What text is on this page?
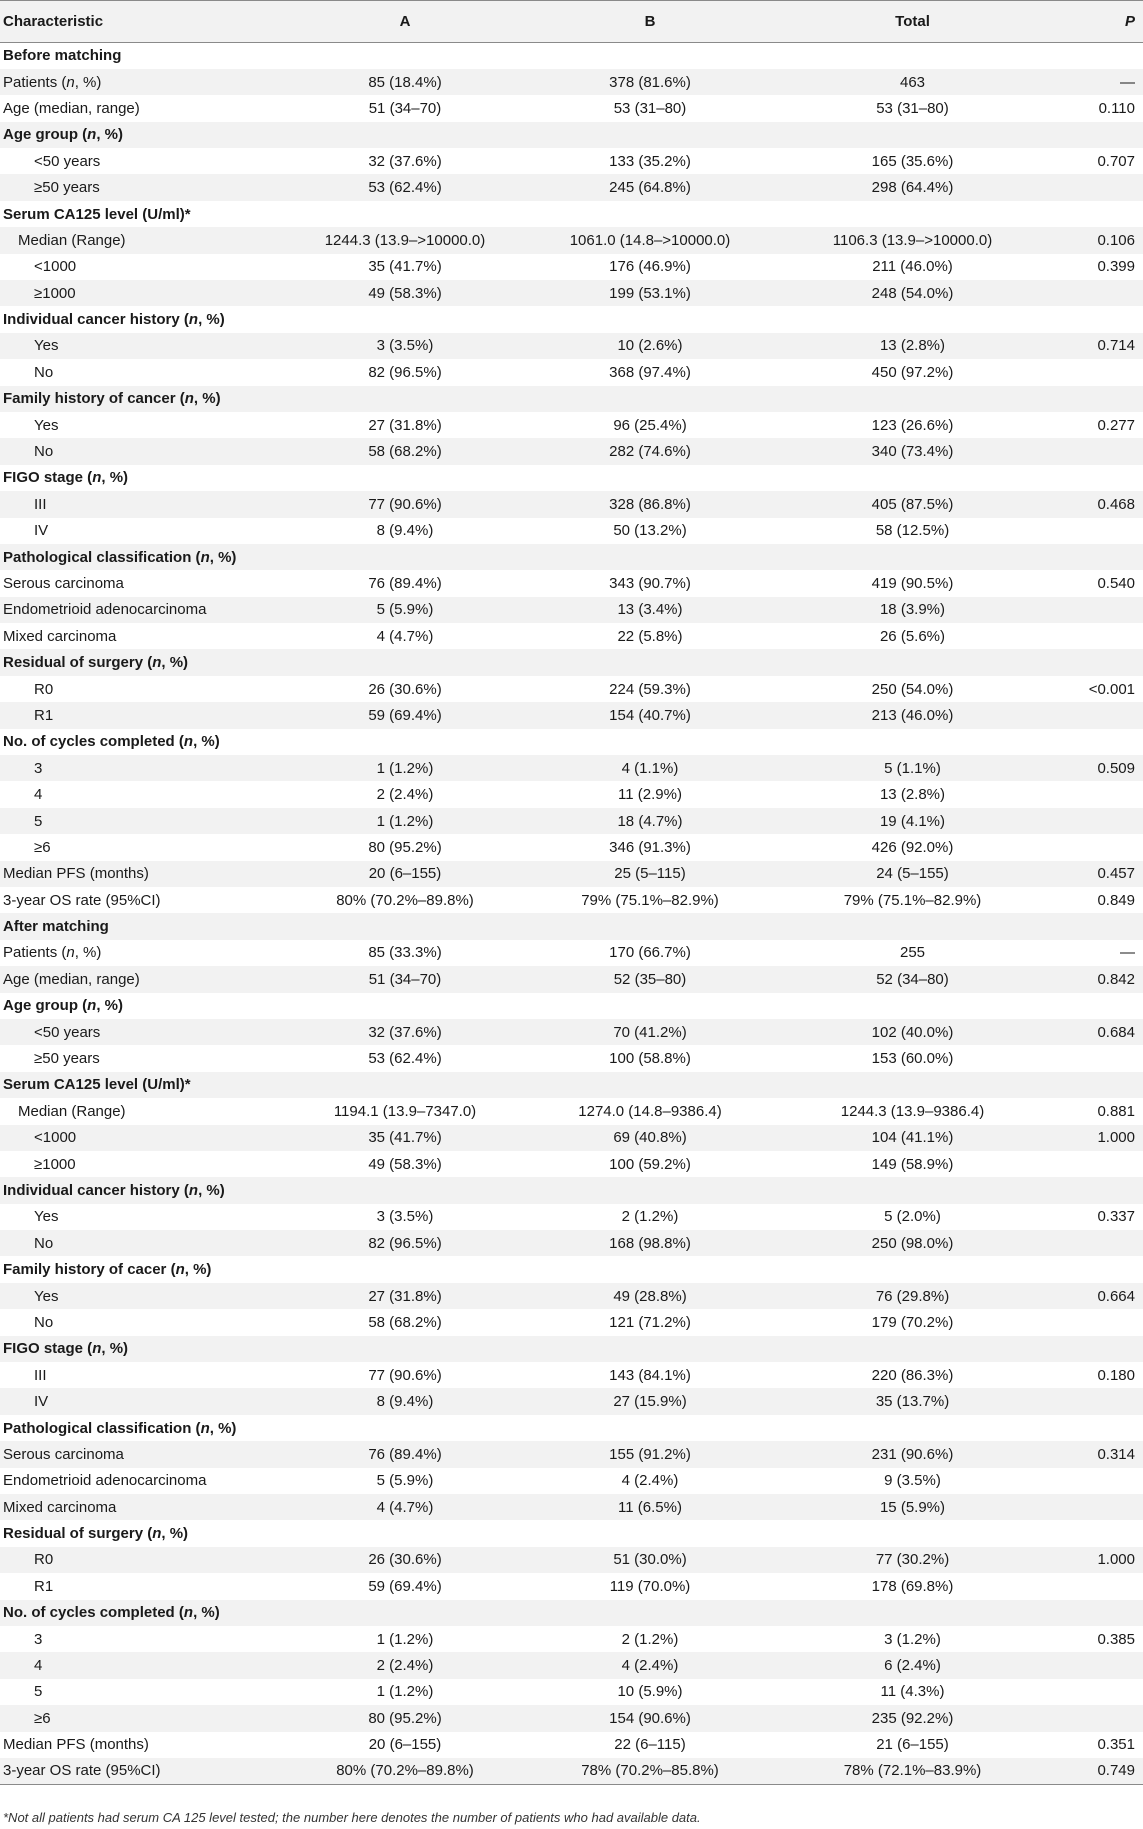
Characteristic	A	B	Total	P
Before matching				
Patients (n, %)	85 (18.4%)	378 (81.6%)	463	—
Age (median, range)	51 (34–70)	53 (31–80)	53 (31–80)	0.110
Age group (n, %)				
<50 years	32 (37.6%)	133 (35.2%)	165 (35.6%)	0.707
≥50 years	53 (62.4%)	245 (64.8%)	298 (64.4%)	
Serum CA125 level (U/ml)*				
Median (Range)	1244.3 (13.9–>10000.0)	1061.0 (14.8–>10000.0)	1106.3 (13.9–>10000.0)	0.106
<1000	35 (41.7%)	176 (46.9%)	211 (46.0%)	0.399
≥1000	49 (58.3%)	199 (53.1%)	248 (54.0%)	
Individual cancer history (n, %)				
Yes	3 (3.5%)	10 (2.6%)	13 (2.8%)	0.714
No	82 (96.5%)	368 (97.4%)	450 (97.2%)	
Family history of cancer (n, %)				
Yes	27 (31.8%)	96 (25.4%)	123 (26.6%)	0.277
No	58 (68.2%)	282 (74.6%)	340 (73.4%)	
FIGO stage (n, %)				
III	77 (90.6%)	328 (86.8%)	405 (87.5%)	0.468
IV	8 (9.4%)	50 (13.2%)	58 (12.5%)	
Pathological classification (n, %)				
Serous carcinoma	76 (89.4%)	343 (90.7%)	419 (90.5%)	0.540
Endometrioid adenocarcinoma	5 (5.9%)	13 (3.4%)	18 (3.9%)	
Mixed carcinoma	4 (4.7%)	22 (5.8%)	26 (5.6%)	
Residual of surgery (n, %)				
R0	26 (30.6%)	224 (59.3%)	250 (54.0%)	<0.001
R1	59 (69.4%)	154 (40.7%)	213 (46.0%)	
No. of cycles completed (n, %)				
3	1 (1.2%)	4 (1.1%)	5 (1.1%)	0.509
4	2 (2.4%)	11 (2.9%)	13 (2.8%)	
5	1 (1.2%)	18 (4.7%)	19 (4.1%)	
≥6	80 (95.2%)	346 (91.3%)	426 (92.0%)	
Median PFS (months)	20 (6–155)	25 (5–115)	24 (5–155)	0.457
3-year OS rate (95%CI)	80% (70.2%–89.8%)	79% (75.1%–82.9%)	79% (75.1%–82.9%)	0.849
After matching				
Patients (n, %)	85 (33.3%)	170 (66.7%)	255	—
Age (median, range)	51 (34–70)	52 (35–80)	52 (34–80)	0.842
Age group (n, %)				
<50 years	32 (37.6%)	70 (41.2%)	102 (40.0%)	0.684
≥50 years	53 (62.4%)	100 (58.8%)	153 (60.0%)	
Serum CA125 level (U/ml)*				
Median (Range)	1194.1 (13.9–7347.0)	1274.0 (14.8–9386.4)	1244.3 (13.9–9386.4)	0.881
<1000	35 (41.7%)	69 (40.8%)	104 (41.1%)	1.000
≥1000	49 (58.3%)	100 (59.2%)	149 (58.9%)	
Individual cancer history (n, %)				
Yes	3 (3.5%)	2 (1.2%)	5 (2.0%)	0.337
No	82 (96.5%)	168 (98.8%)	250 (98.0%)	
Family history of cacer (n, %)				
Yes	27 (31.8%)	49 (28.8%)	76 (29.8%)	0.664
No	58 (68.2%)	121 (71.2%)	179 (70.2%)	
FIGO stage (n, %)				
III	77 (90.6%)	143 (84.1%)	220 (86.3%)	0.180
IV	8 (9.4%)	27 (15.9%)	35 (13.7%)	
Pathological classification (n, %)				
Serous carcinoma	76 (89.4%)	155 (91.2%)	231 (90.6%)	0.314
Endometrioid adenocarcinoma	5 (5.9%)	4 (2.4%)	9 (3.5%)	
Mixed carcinoma	4 (4.7%)	11 (6.5%)	15 (5.9%)	
Residual of surgery (n, %)				
R0	26 (30.6%)	51 (30.0%)	77 (30.2%)	1.000
R1	59 (69.4%)	119 (70.0%)	178 (69.8%)	
No. of cycles completed (n, %)				
3	1 (1.2%)	2 (1.2%)	3 (1.2%)	0.385
4	2 (2.4%)	4 (2.4%)	6 (2.4%)	
5	1 (1.2%)	10 (5.9%)	11 (4.3%)	
≥6	80 (95.2%)	154 (90.6%)	235 (92.2%)	
Median PFS (months)	20 (6–155)	22 (6–115)	21 (6–155)	0.351
3-year OS rate (95%CI)	80% (70.2%–89.8%)	78% (70.2%–85.8%)	78% (72.1%–83.9%)	0.749
*Not all patients had serum CA 125 level tested; the number here denotes the number of patients who had available data.
